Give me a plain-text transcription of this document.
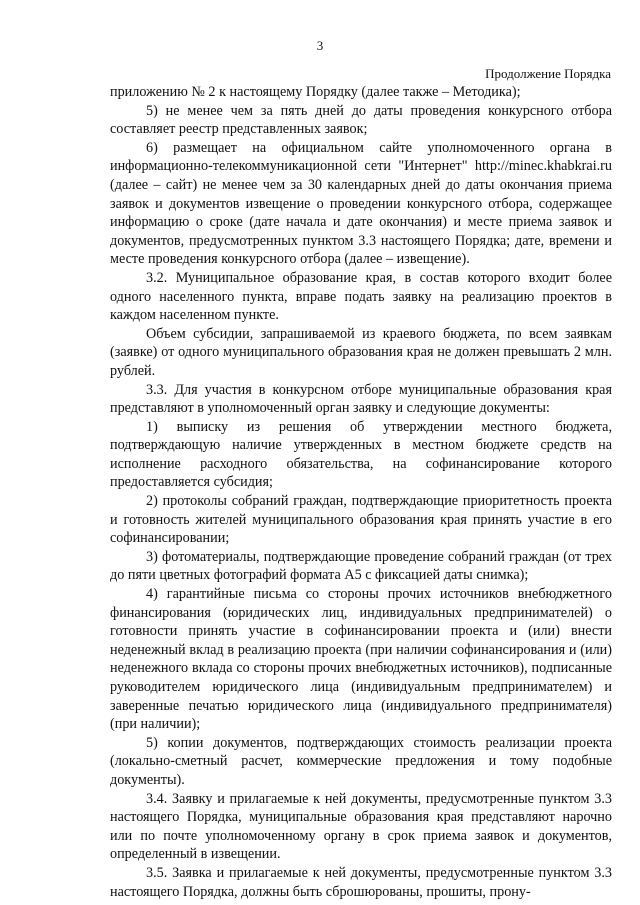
3
Продолжение Порядка

приложению № 2 к настоящему Порядку (далее также – Методика);

5) не менее чем за пять дней до даты проведения конкурсного отбора составляет реестр представленных заявок;

6) размещает на официальном сайте уполномоченного органа в информационно-телекоммуникационной сети "Интернет" http://minec.khabkrai.ru (далее – сайт) не менее чем за 30 календарных дней до даты окончания приема заявок и документов извещение о проведении конкурсного отбора, содержащее информацию о сроке (дате начала и дате окончания) и месте приема заявок и документов, предусмотренных пунктом 3.3 настоящего Порядка; дате, времени и месте проведения конкурсного отбора (далее – извещение).

3.2. Муниципальное образование края, в состав которого входит более одного населенного пункта, вправе подать заявку на реализацию проектов в каждом населенном пункте.

Объем субсидии, запрашиваемой из краевого бюджета, по всем заявкам (заявке) от одного муниципального образования края не должен превышать 2 млн. рублей.

3.3. Для участия в конкурсном отборе муниципальные образования края представляют в уполномоченный орган заявку и следующие документы:

1) выписку из решения об утверждении местного бюджета, подтверждающую наличие утвержденных в местном бюджете средств на исполнение расходного обязательства, на софинансирование которого предоставляется субсидия;

2) протоколы собраний граждан, подтверждающие приоритетность проекта и готовность жителей муниципального образования края принять участие в его софинансировании;

3) фотоматериалы, подтверждающие проведение собраний граждан (от трех до пяти цветных фотографий формата А5 с фиксацией даты снимка);

4) гарантийные письма со стороны прочих источников внебюджетного финансирования (юридических лиц, индивидуальных предпринимателей) о готовности принять участие в софинансировании проекта и (или) внести неденежный вклад в реализацию проекта (при наличии софинансирования и (или) неденежного вклада со стороны прочих внебюджетных источников), подписанные руководителем юридического лица (индивидуальным предпринимателем) и заверенные печатью юридического лица (индивидуального предпринимателя) (при наличии);

5) копии документов, подтверждающих стоимость реализации проекта (локально-сметный расчет, коммерческие предложения и тому подобные документы).

3.4. Заявку и прилагаемые к ней документы, предусмотренные пунктом 3.3 настоящего Порядка, муниципальные образования края представляют нарочно или по почте уполномоченному органу в срок приема заявок и документов, определенный в извещении.

3.5. Заявка и прилагаемые к ней документы, предусмотренные пунктом 3.3 настоящего Порядка, должны быть сброшюрованы, прошиты, прону-
